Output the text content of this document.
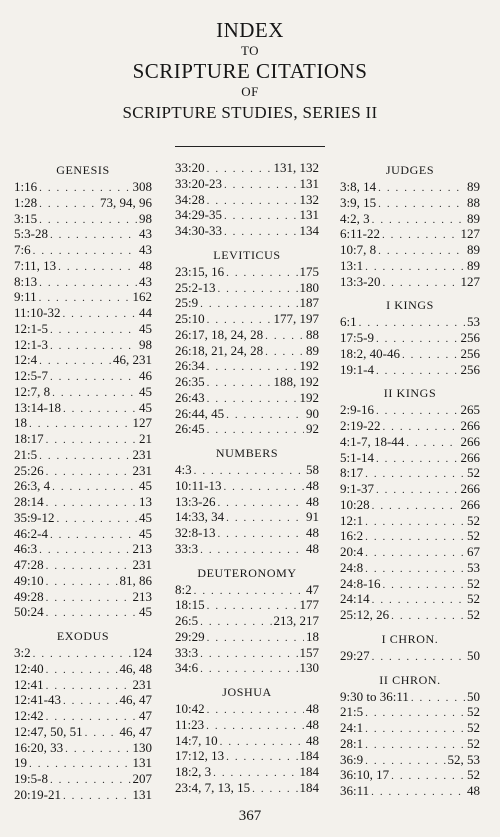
INDEX
TO
SCRIPTURE CITATIONS
OF
SCRIPTURE STUDIES, SERIES II
GENESIS
1:16 . . .	308
1:28 . . .	73, 94, 96
3:15 . . .	98
5:3-28 . . .	43
7:6 . . .	43
7:11, 13 . . .	48
8:13 . . .	43
9:11 . . .	162
11:10-32 . . .	44
12:1-5 . . .	45
12:1-3 . . .	98
12:4 . . .	46, 231
12:5-7 . . .	46
12:7, 8 . . .	45
13:14-18 . . .	45
18 . . .	127
18:17 . . .	21
21:5 . . .	231
25:26 . . .	231
26:3, 4 . . .	45
28:14 . . .	13
35:9-12 . . .	45
46:2-4 . . .	45
46:3 . . .	213
47:28 . . .	231
49:10 . . .	81, 86
49:28 . . .	213
50:24 . . .	45
EXODUS
3:2 . . .	124
12:40 . . .	46, 48
12:41 . . .	231
12:41-43 . . .	46, 47
12:42 . . .	47
12:47, 50, 51 . . .	46, 47
16:20, 33 . . .	130
19 . . .	131
19:5-8 . . .	207
20:19-21 . . .	131
33:20 . . .	131, 132
33:20-23 . . .	131
34:28 . . .	132
34:29-35 . . .	131
34:30-33 . . .	134
LEVITICUS
23:15, 16 . . .	175
25:2-13 . . .	180
25:9 . . .	187
25:10 . . .	177, 197
26:17, 18, 24, 28 . . .	88
26:18, 21, 24, 28 . . .	89
26:34 . . .	192
26:35 . . .	188, 192
26:43 . . .	192
26:44, 45 . . .	90
26:45 . . .	92
NUMBERS
4:3 . . .	58
10:11-13 . . .	48
13:3-26 . . .	48
14:33, 34 . . .	91
32:8-13 . . .	48
33:3 . . .	48
DEUTERONOMY
8:2 . . .	47
18:15 . . .	177
26:5 . . .	213, 217
29:29 . . .	18
33:3 . . .	157
34:6 . . .	130
JOSHUA
10:42 . . .	48
11:23 . . .	48
14:7, 10 . . .	48
17:12, 13 . . .	184
18:2, 3 . . .	184
23:4, 7, 13, 15 . . .	184
JUDGES
3:8, 14 . . .	89
3:9, 15 . . .	88
4:2, 3 . . .	89
6:11-22 . . .	127
10:7, 8 . . .	89
13:1 . . .	89
13:3-20 . . .	127
I KINGS
6:1 . . .	53
17:5-9 . . .	256
18:2, 40-46 . . .	256
19:1-4 . . .	256
II KINGS
2:9-16 . . .	265
2:19-22 . . .	266
4:1-7, 18-44 . . .	266
5:1-14 . . .	266
8:17 . . .	52
9:1-37 . . .	266
10:28 . . .	266
12:1 . . .	52
16:2 . . .	52
20:4 . . .	67
24:8 . . .	53
24:8-16 . . .	52
24:14 . . .	52
25:12, 26 . . .	52
I CHRON.
29:27 . . .	50
II CHRON.
9:30 to 36:11 . . .	50
21:5 . . .	52
24:1 . . .	52
28:1 . . .	52
36:9 . . .	52, 53
36:10, 17 . . .	52
36:11 . . .	48
367
